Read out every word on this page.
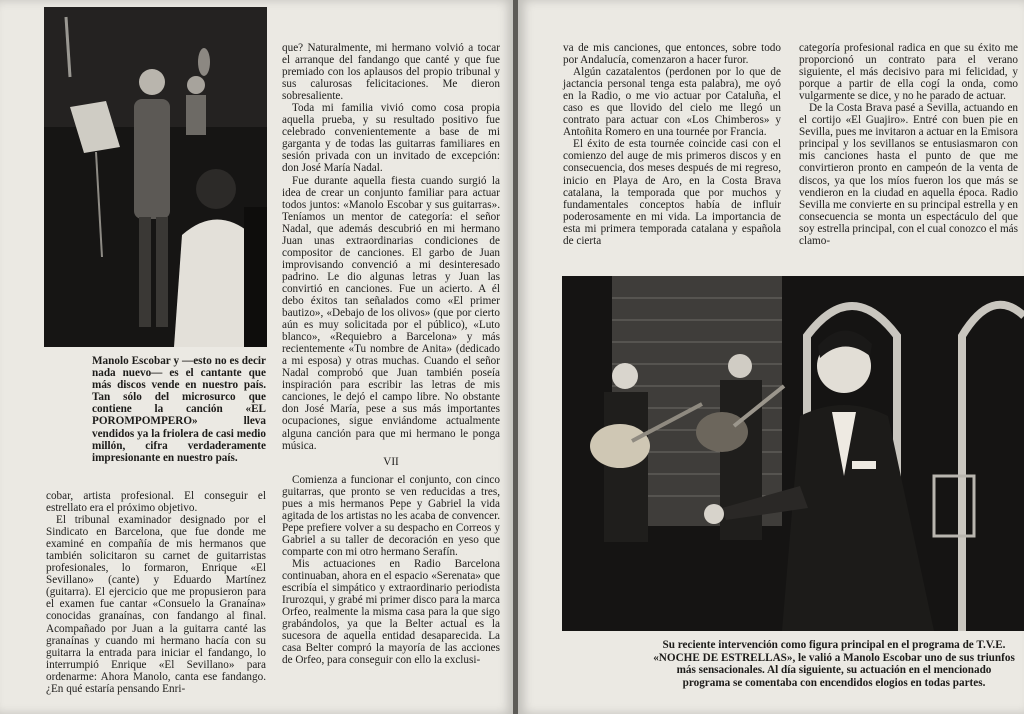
Manolo Escobar y —esto no es decir nada nuevo— es el cantante que más discos vende en nuestro país. Tan sólo del microsurco que contiene la canción «EL POROMPOMPERO» lleva vendidos ya la friolera de casi medio millón, cifra verdaderamente impresionante en nuestro país.

cobar, artista profesional. El conseguir el estrellato era el próximo objetivo.

El tribunal examinador designado por el Sindicato en Barcelona, que fue donde me examiné en compañía de mis hermanos que también solicitaron su carnet de guitarristas profesionales, lo formaron, Enrique «El Sevillano» (cante) y Eduardo Martínez (guitarra). El ejercicio que me propusieron para el examen fue cantar «Consuelo la Granaína» conocidas granaínas, con fandango al final. Acompañado por Juan a la guitarra canté las granaínas y cuando mi hermano hacía con su guitarra la entrada para iniciar el fandango, lo interrumpió Enrique «El Sevillano» para ordenarme: Ahora Manolo, canta ese fandango. ¿En qué estaría pensando Enri-

que? Naturalmente, mi hermano volvió a tocar el arranque del fandango que canté y que fue premiado con los aplausos del propio tribunal y sus calurosas felicitaciones. Me dieron sobresaliente.

Toda mi familia vivió como cosa propia aquella prueba, y su resultado positivo fue celebrado convenientemente a base de mi garganta y de todas las guitarras familiares en sesión privada con un invitado de excepción: don José María Nadal.

Fue durante aquella fiesta cuando surgió la idea de crear un conjunto familiar para actuar todos juntos: «Manolo Escobar y sus guitarras». Teníamos un mentor de categoría: el señor Nadal, que además descubrió en mi hermano Juan unas extraordinarias condiciones de compositor de canciones. El garbo de Juan improvisando convenció a mi desinteresado padrino. Le dio algunas letras y Juan las convirtió en canciones. Fue un acierto. A él debo éxitos tan señalados como «El primer bautizo», «Debajo de los olivos» (que por cierto aún es muy solicitada por el público), «Luto blanco», «Requiebro a Barcelona» y más recientemente «Tu nombre de Anita» (dedicado a mi esposa) y otras muchas. Cuando el señor Nadal comprobó que Juan también poseía inspiración para escribir las letras de mis canciones, le dejó el campo libre. No obstante don José María, pese a sus más importantes ocupaciones, sigue enviándome actualmente alguna canción para que mi hermano le ponga música.

VII

Comienza a funcionar el conjunto, con cinco guitarras, que pronto se ven reducidas a tres, pues a mis hermanos Pepe y Gabriel la vida agitada de los artistas no les acaba de convencer. Pepe prefiere volver a su despacho en Correos y Gabriel a su taller de decoración en yeso que comparte con mi otro hermano Serafín.

Mis actuaciones en Radio Barcelona continuaban, ahora en el espacio «Serenata» que escribía el simpático y extraordinario periodista Irurozqui, y grabé mi primer disco para la marca Orfeo, realmente la misma casa para la que sigo grabándolos, ya que la Belter actual es la sucesora de aquella entidad desaparecida. La casa Belter compró la mayoría de las acciones de Orfeo, para conseguir con ello la exclusi-

va de mis canciones, que entonces, sobre todo por Andalucía, comenzaron a hacer furor.

Algún cazatalentos (perdonen por lo que de jactancia personal tenga esta palabra), me oyó en la Radio, o me vio actuar por Cataluña, el caso es que llovido del cielo me llegó un contrato para actuar con «Los Chimberos» y Antoñita Romero en una tournée por Francia.

El éxito de esta tournée coincide casi con el comienzo del auge de mis primeros discos y en consecuencia, dos meses después de mi regreso, inicio en Playa de Aro, en la Costa Brava catalana, la temporada que por muchos y fundamentales conceptos había de influir poderosamente en mi vida. La importancia de esta mi primera temporada catalana y española de cierta

categoría profesional radica en que su éxito me proporcionó un contrato para el verano siguiente, el más decisivo para mi felicidad, y porque a partir de ella cogí la onda, como vulgarmente se dice, y no he parado de actuar.

De la Costa Brava pasé a Sevilla, actuando en el cortijo «El Guajiro». Entré con buen pie en Sevilla, pues me invitaron a actuar en la Emisora principal y los sevillanos se entusiasmaron con mis canciones hasta el punto de que me convirtieron pronto en campeón de la venta de discos, ya que los míos fueron los que más se vendieron en la ciudad en aquella época. Radio Sevilla me convierte en su principal estrella y en consecuencia se monta un espectáculo del que soy estrella principal, con el cual conozco el más clamo-

Su reciente intervención como figura principal en el programa de T.V.E. «NOCHE DE ESTRELLAS», le valió a Manolo Escobar uno de sus triunfos más sensacionales. Al día siguiente, su actuación en el mencionado programa se comentaba con encendidos elogios en todas partes.
